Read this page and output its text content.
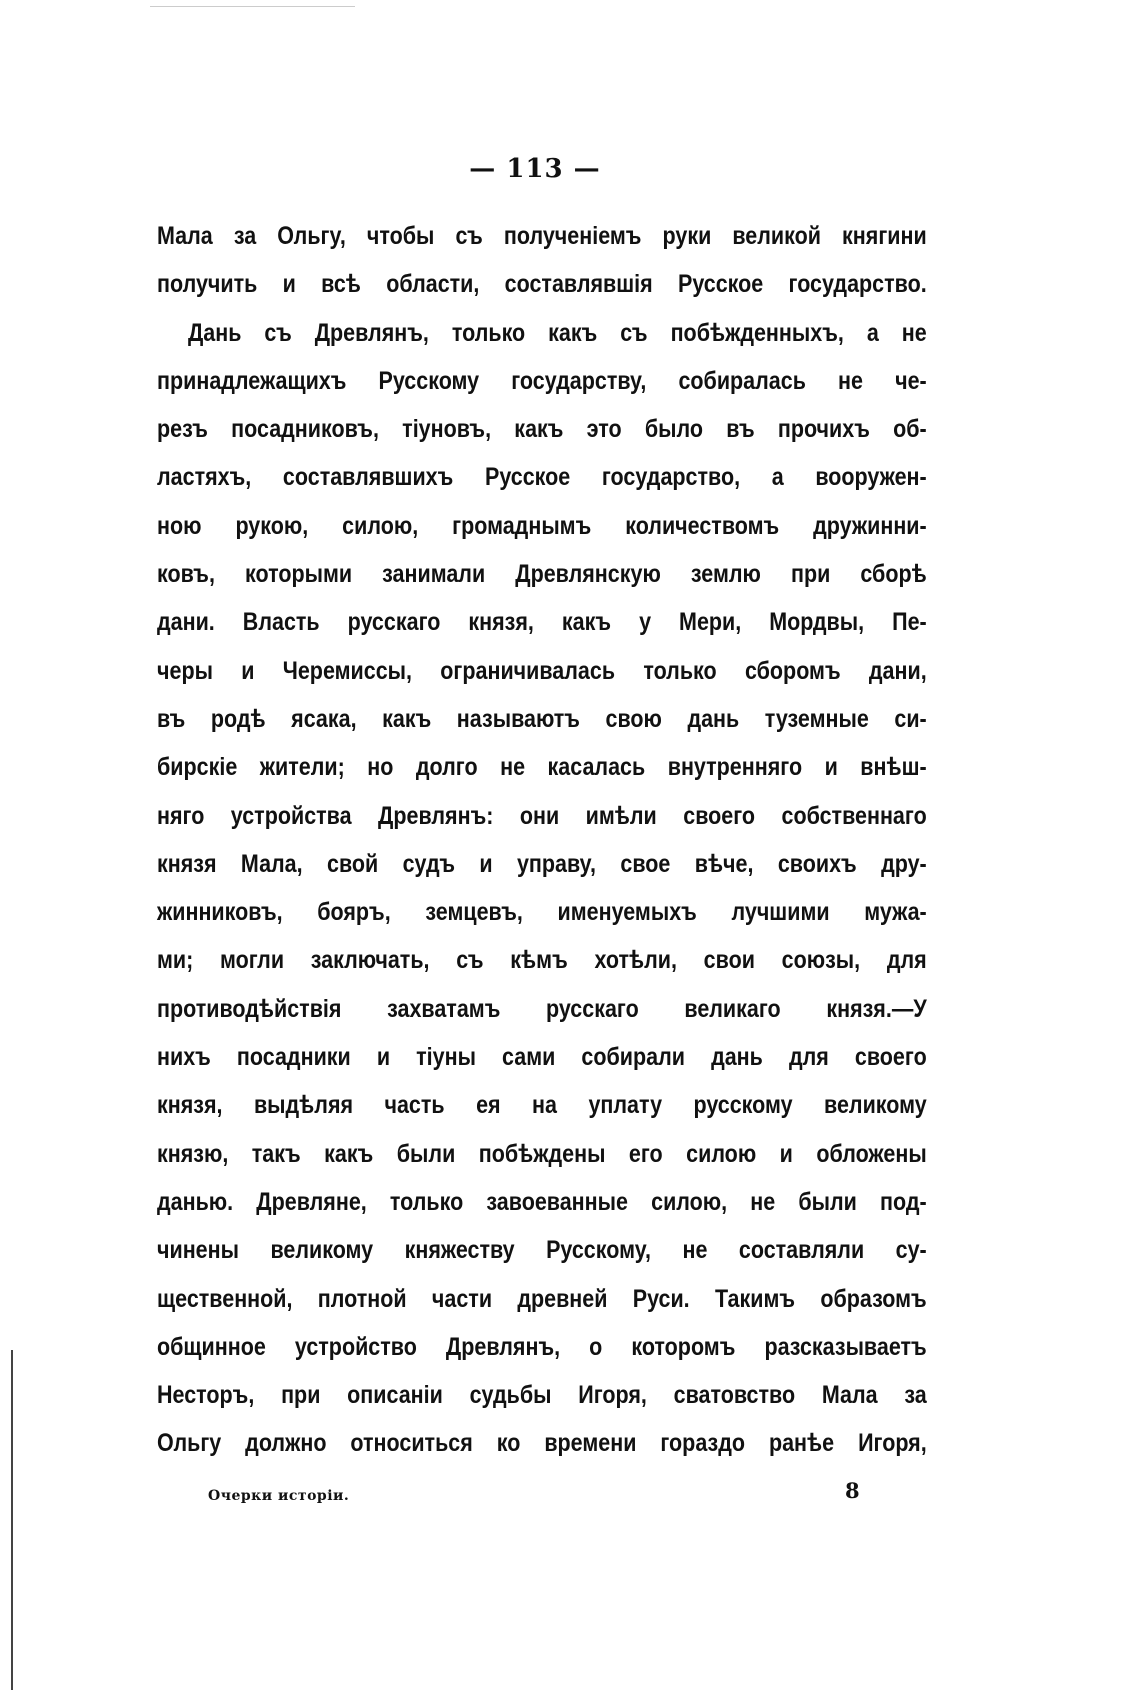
— 113 —
Мала за Ольгу, чтобы съ полученіемъ руки великой княгини
получить и всѣ области, составлявшія Русское государство.
Дань съ Древлянъ, только какъ съ побѣжденныхъ, а не
принадлежащихъ Русскому государству, собиралась не че-
резъ посадниковъ, тіуновъ, какъ это было въ прочихъ об-
ластяхъ, составлявшихъ Русское государство, а вооружен-
ною рукою, силою, громаднымъ количествомъ дружинни-
ковъ, которыми занимали Древлянскую землю при сборѣ
дани. Власть русскаго князя, какъ у Мери, Мордвы, Пе-
черы и Черемиссы, ограничивалась только сборомъ дани,
въ родѣ ясака, какъ называютъ свою дань туземные си-
бирскіе жители; но долго не касалась внутренняго и внѣш-
няго устройства Древлянъ: они имѣли своего собственнаго
князя Мала, свой судъ и управу, свое вѣче, своихъ дру-
жинниковъ, бояръ, земцевъ, именуемыхъ лучшими мужа-
ми; могли заключать, съ кѣмъ хотѣли, свои союзы, для
противодѣйствія захватамъ русскаго великаго князя.—У
нихъ посадники и тіуны сами собирали дань для своего
князя, выдѣляя часть ея на уплату русскому великому
князю, такъ какъ были побѣждены его силою и обложены
данью. Древляне, только завоеванные силою, не были под-
чинены великому княжеству Русскому, не составляли су-
щественной, плотной части древней Руси. Такимъ образомъ
общинное устройство Древлянъ, о которомъ разсказываетъ
Несторъ, при описаніи судьбы Игоря, сватовство Мала за
Ольгу должно относиться ко времени гораздо ранѣе Игоря,
Очерки исторіи.	8
